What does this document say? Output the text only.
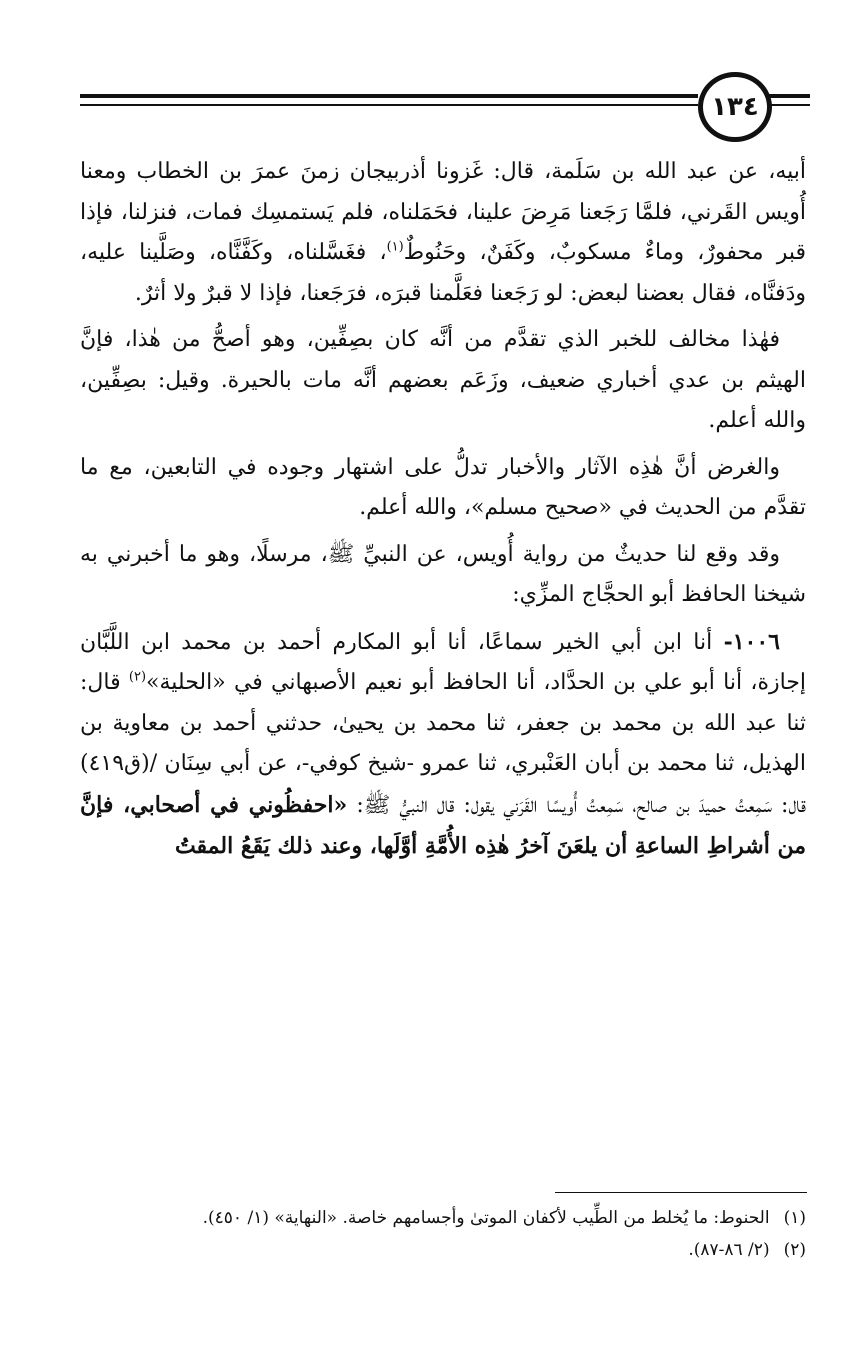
١٣٤

أبيه، عن عبد الله بن سَلَمة، قال: غَزونا أذربيجان زمنَ عمرَ بن الخطاب ومعنا أُويس القَرني، فلمَّا رَجَعنا مَرِضَ علينا، فحَمَلناه، فلم يَستمسِك فمات، فنزلنا، فإذا قبر محفورٌ، وماءٌ مسكوبٌ، وكَفَنٌ، وحَنُوطٌ$^{(١)}$، فغَسَّلناه، وكَفَّنَّاه، وصَلَّينا عليه، ودَفنَّاه، فقال بعضنا لبعض: لو رَجَعنا فعَلَّمنا قبرَه، فرَجَعنا، فإذا لا قبرٌ ولا أثرٌ.

فهٰذا مخالف للخبر الذي تقدَّم من أنَّه كان بصِفِّين، وهو أصحُّ من هٰذا، فإنَّ الهيثم بن عدي أخباري ضعيف، وزَعَم بعضهم أنَّه مات بالحيرة. وقيل: بصِفِّين، والله أعلم.

والغرض أنَّ هٰذِه الآثار والأخبار تدلُّ على اشتهار وجوده في التابعين، مع ما تقدَّم من الحديث في «صحيح مسلم»، والله أعلم.

وقد وقع لنا حديثٌ من رواية أُويس، عن النبيِّ ﷺ، مرسلًا، وهو ما أخبرني به شيخنا الحافظ أبو الحجَّاج المزِّي:

١٠٠٦- أنا ابن أبي الخير سماعًا، أنا أبو المكارم أحمد بن محمد ابن اللَّبَّان إجازة، أنا أبو علي بن الحدَّاد، أنا الحافظ أبو نعيم الأصبهاني في «الحلية»$^{(٢)}$ قال: ثنا عبد الله بن محمد بن جعفر، ثنا محمد بن يحيىٰ، حدثني أحمد بن معاوية بن الهذيل، ثنا محمد بن أبان العَنْبري، ثنا عمرو -شيخ كوفي-، عن أبي سِنَان /(ق٤١٩) قال: سَمِعتُ حميدَ بن صالح، سَمِعتُ أُويسًا القَرَني يقول: قال النبيُّ ﷺ: «احفظُوني في أصحابي، فإنَّ من أشراطِ الساعةِ أن يلعَنَ آخرُ هٰذِه الأُمَّةِ أوَّلَها، وعند ذلك يَقَعُ المقتُ

(١)الحنوط: ما يُخلط من الطِّيب لأكفان الموتىٰ وأجسامهم خاصة. «النهاية» (١/ ٤٥٠).
(٢)(٢/ ٨٦-٨٧).
